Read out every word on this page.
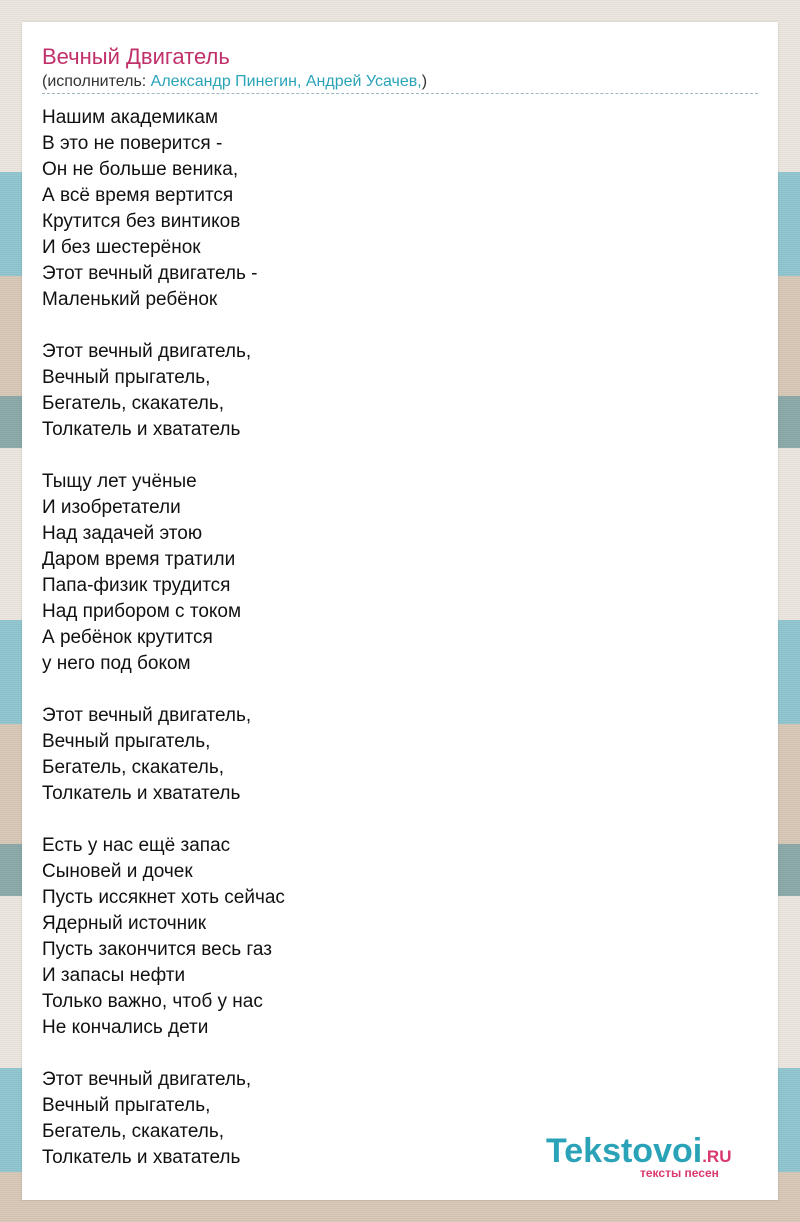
Вечный Двигатель
(исполнитель: Александр Пинегин, Андрей Усачев,)
Нашим академикам
В это не поверится -
Он не больше веника,
А всё время вертится
Крутится без винтиков
И без шестерёнок
Этот вечный двигатель -
Маленький ребёнок
Этот вечный двигатель,
Вечный прыгатель,
Бегатель, скакатель,
Толкатель и хвататель
Тыщу лет учёные
И изобретатели
Над задачей этою
Даром время тратили
Папа-физик трудится
Над прибором с током
А ребёнок крутится
у него под боком
Этот вечный двигатель,
Вечный прыгатель,
Бегатель, скакатель,
Толкатель и хвататель
Есть у нас ещё запас
Сыновей и дочек
Пусть иссякнет хоть сейчас
Ядерный источник
Пусть закончится весь газ
И запасы нефти
Только важно, чтоб у нас
Не кончались дети
Этот вечный двигатель,
Вечный прыгатель,
Бегатель, скакатель,
Толкатель и хвататель	Tekstovoi.RU
тексты песен
